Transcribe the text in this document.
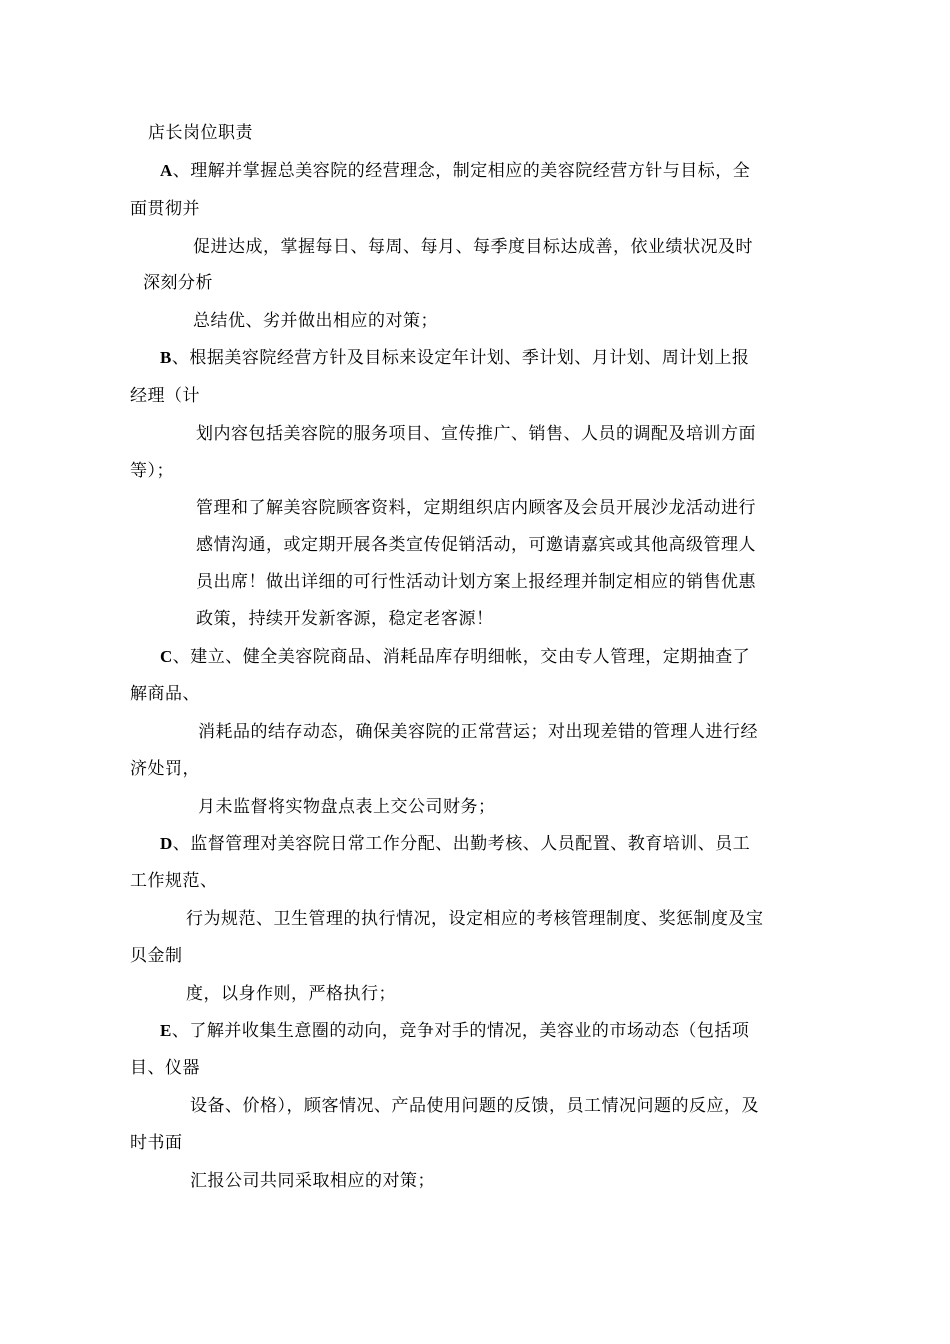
店长岗位职责
A、理解并掌握总美容院的经营理念，制定相应的美容院经营方针与目标，全
面贯彻并
促进达成，掌握每日、每周、每月、每季度目标达成善，依业绩状况及时
深刻分析
总结优、劣并做出相应的对策；
B、根据美容院经营方针及目标来设定年计划、季计划、月计划、周计划上报
经理（计
划内容包括美容院的服务项目、宣传推广、销售、人员的调配及培训方面
等）；
管理和了解美容院顾客资料，定期组织店内顾客及会员开展沙龙活动进行
感情沟通，或定期开展各类宣传促销活动，可邀请嘉宾或其他高级管理人
员出席！做出详细的可行性活动计划方案上报经理并制定相应的销售优惠
政策，持续开发新客源，稳定老客源！
C、建立、健全美容院商品、消耗品库存明细帐，交由专人管理，定期抽查了
解商品、
消耗品的结存动态，确保美容院的正常营运；对出现差错的管理人进行经
济处罚，
月未监督将实物盘点表上交公司财务；
D、监督管理对美容院日常工作分配、出勤考核、人员配置、教育培训、员工
工作规范、
行为规范、卫生管理的执行情况，设定相应的考核管理制度、奖惩制度及宝
贝金制
度，以身作则，严格执行；
E、了解并收集生意圈的动向，竞争对手的情况，美容业的市场动态（包括项
目、仪器
设备、价格），顾客情况、产品使用问题的反馈，员工情况问题的反应，及
时书面
汇报公司共同采取相应的对策；
